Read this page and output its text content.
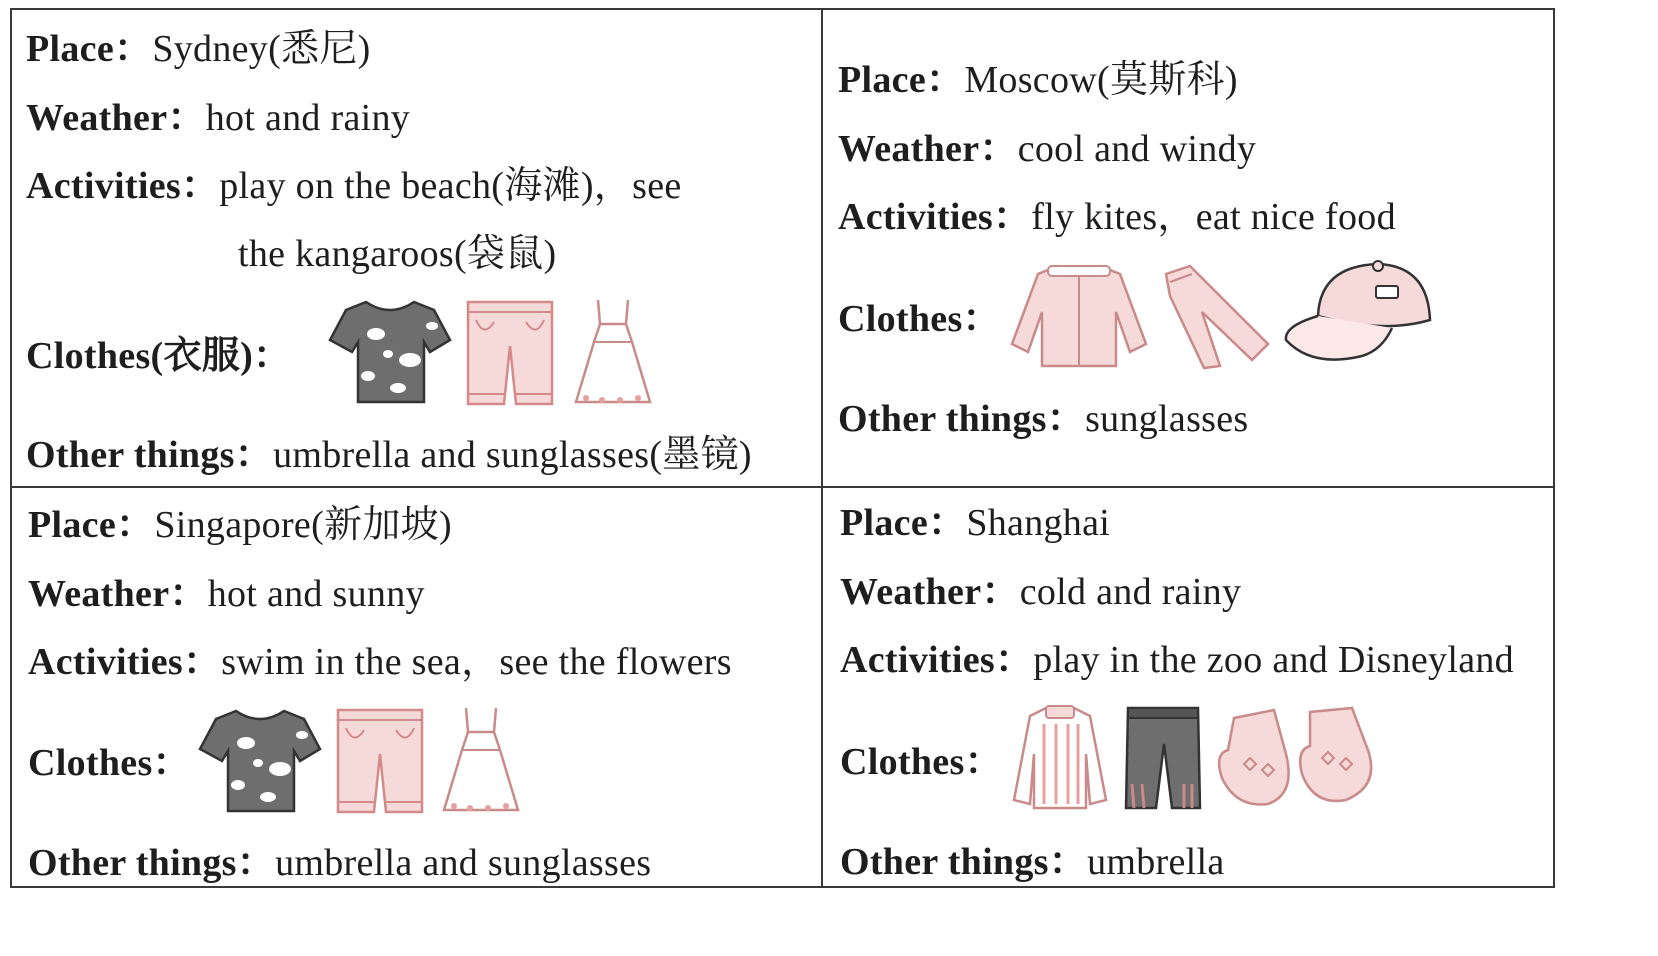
Place：Sydney(悉尼)
Weather：hot and rainy
Activities：play on the beach(海滩)，see
the kangaroos(袋鼠)
Clothes(衣服)：
Other things：umbrella and sunglasses(墨镜)
Place：Moscow(莫斯科)
Weather：cool and windy
Activities：fly kites，eat nice food
Clothes：
Other things：sunglasses
Place：Singapore(新加坡)
Weather：hot and sunny
Activities：swim in the sea，see the flowers
Clothes：
Other things：umbrella and sunglasses
Place：Shanghai
Weather：cold and rainy
Activities：play in the zoo and Disneyland
Clothes：
Other things：umbrella
